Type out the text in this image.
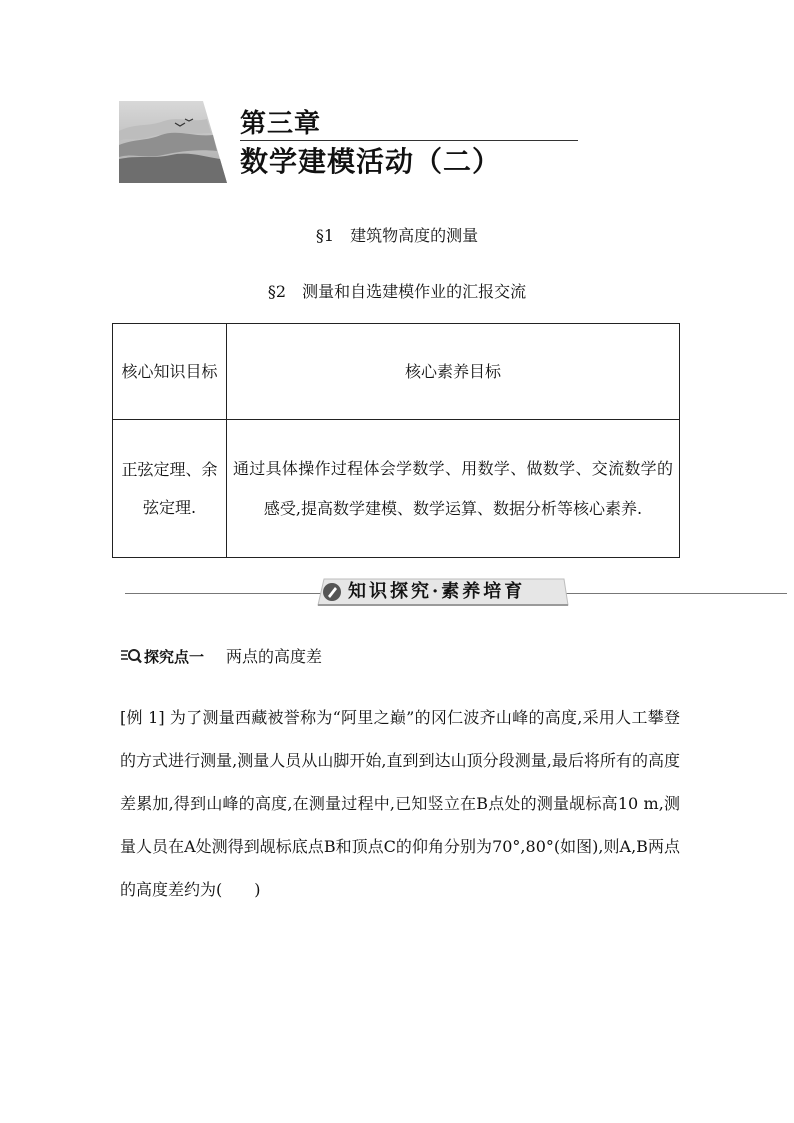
第三章
数学建模活动（二）
§1　建筑物高度的测量
§2　测量和自选建模作业的汇报交流
核心知识目标	核心素养目标

正弦定理、余弦定理.	通过具体操作过程体会学数学、用数学、做数学、交流数学的感受,提高数学建模、数学运算、数据分析等核心素养.
知识探究·素养培育
探究点一 两点的高度差
[例 1] 为了测量西藏被誉称为“阿里之巅”的冈仁波齐山峰的高度,采用人工攀登的方式进行测量,测量人员从山脚开始,直到到达山顶分段测量,最后将所有的高度差累加,得到山峰的高度,在测量过程中,已知竖立在B点处的测量觇标高10 m,测量人员在A处测得到觇标底点B和顶点C的仰角分别为70°,80°(如图),则A,B两点的高度差约为(　　)
